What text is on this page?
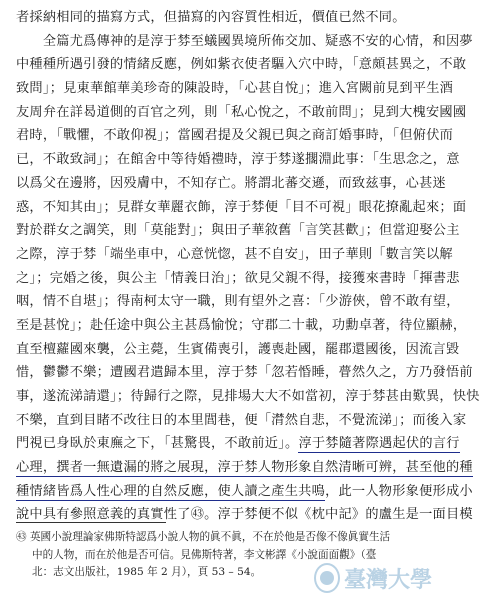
者採納相同的描寫方式，但描寫的內容質性相近，價值已然不同。
　　全篇尤爲傳神的是淳于棼至蟻國異境所佈交加、疑惑不安的心情，和因夢
中種種所遇引發的情緒反應，例如紫衣使者驅入穴中時，「意頗甚異之，不敢
致問」；見東華館華美珍奇的陳設時，「心甚自悅」；進入宮闕前見到平生酒
友周弁在詳曷道側的百官之列，則「私心悅之，不敢前問」；見到大槐安國國
君時，「戰懼，不敢仰視」；當國君提及父親已與之商訂婚事時，「但俯伏而
已，不敢致詞」；在館舍中等待婚禮時，淳于棼遂擱淵此事：「生思念之，意
以爲父在邊將，因殁膚中，不知存亡。將謂北蕃交遜，而致兹事，心甚迷
惑，不知其由」；見群女華麗衣飾，淳于棼便「目不可視」眼花撩亂起來；面
對於群女之調笑，則「莫能對」；與田子華敘舊「言笑甚歡」；但當迎娶公主
之際，淳于棼「端坐車中，心意恍惚，甚不自安」，田子華則「數言笑以解
之」；完婚之後，與公主「情義日治」；欲見父親不得，接獲來書時「揮書悲
咽，情不自堪」；得南柯太守一職，則有望外之喜：「少游俠，曾不敢有望，
至是甚悅」；赴任途中與公主甚爲愉悅；守郡二十載，功勳卓著，待位顯赫，
直至檀蘿國來襲，公主薨，生賓備喪引，護喪赴國，罷郡還國後，因流言毀
惜，鬱鬱不樂；遭國君遣歸本里，淳于棼「忽若惛睡，瞢然久之，方乃發悟前
事，遂流涕請還」；待歸行之際，見排場大大不如當初，淳于棼甚由歎異，快快
不樂，直到目睹不改往日的本里閭巷，便「潸然自悲，不覺流涕」；而後入家
門視已身臥於東廡之下，「甚驚畏，不敢前近」。淳于棼隨著際遇起伏的言行
心理，撰者一無遺漏的將之展現，淳于棼人物形象自然清晰可辨，甚至他的種
種情緒皆爲人性心理的自然反應，使人讀之產生共鳴，此一人物形象便形成小
說中具有參照意義的真實性了㊸。淳于棼便不似《枕中記》的盧生是一面目模
㊸ 英國小說理論家佛斯特認爲小說人物的眞不眞，不在於他是否像不像眞實生活
中的人物，而在於他是否可信。見佛斯特著，李文彬譯《小說面面觀》（臺
北：志文出版社，1985 年 2 月），頁 53 – 54。	臺灣大學
